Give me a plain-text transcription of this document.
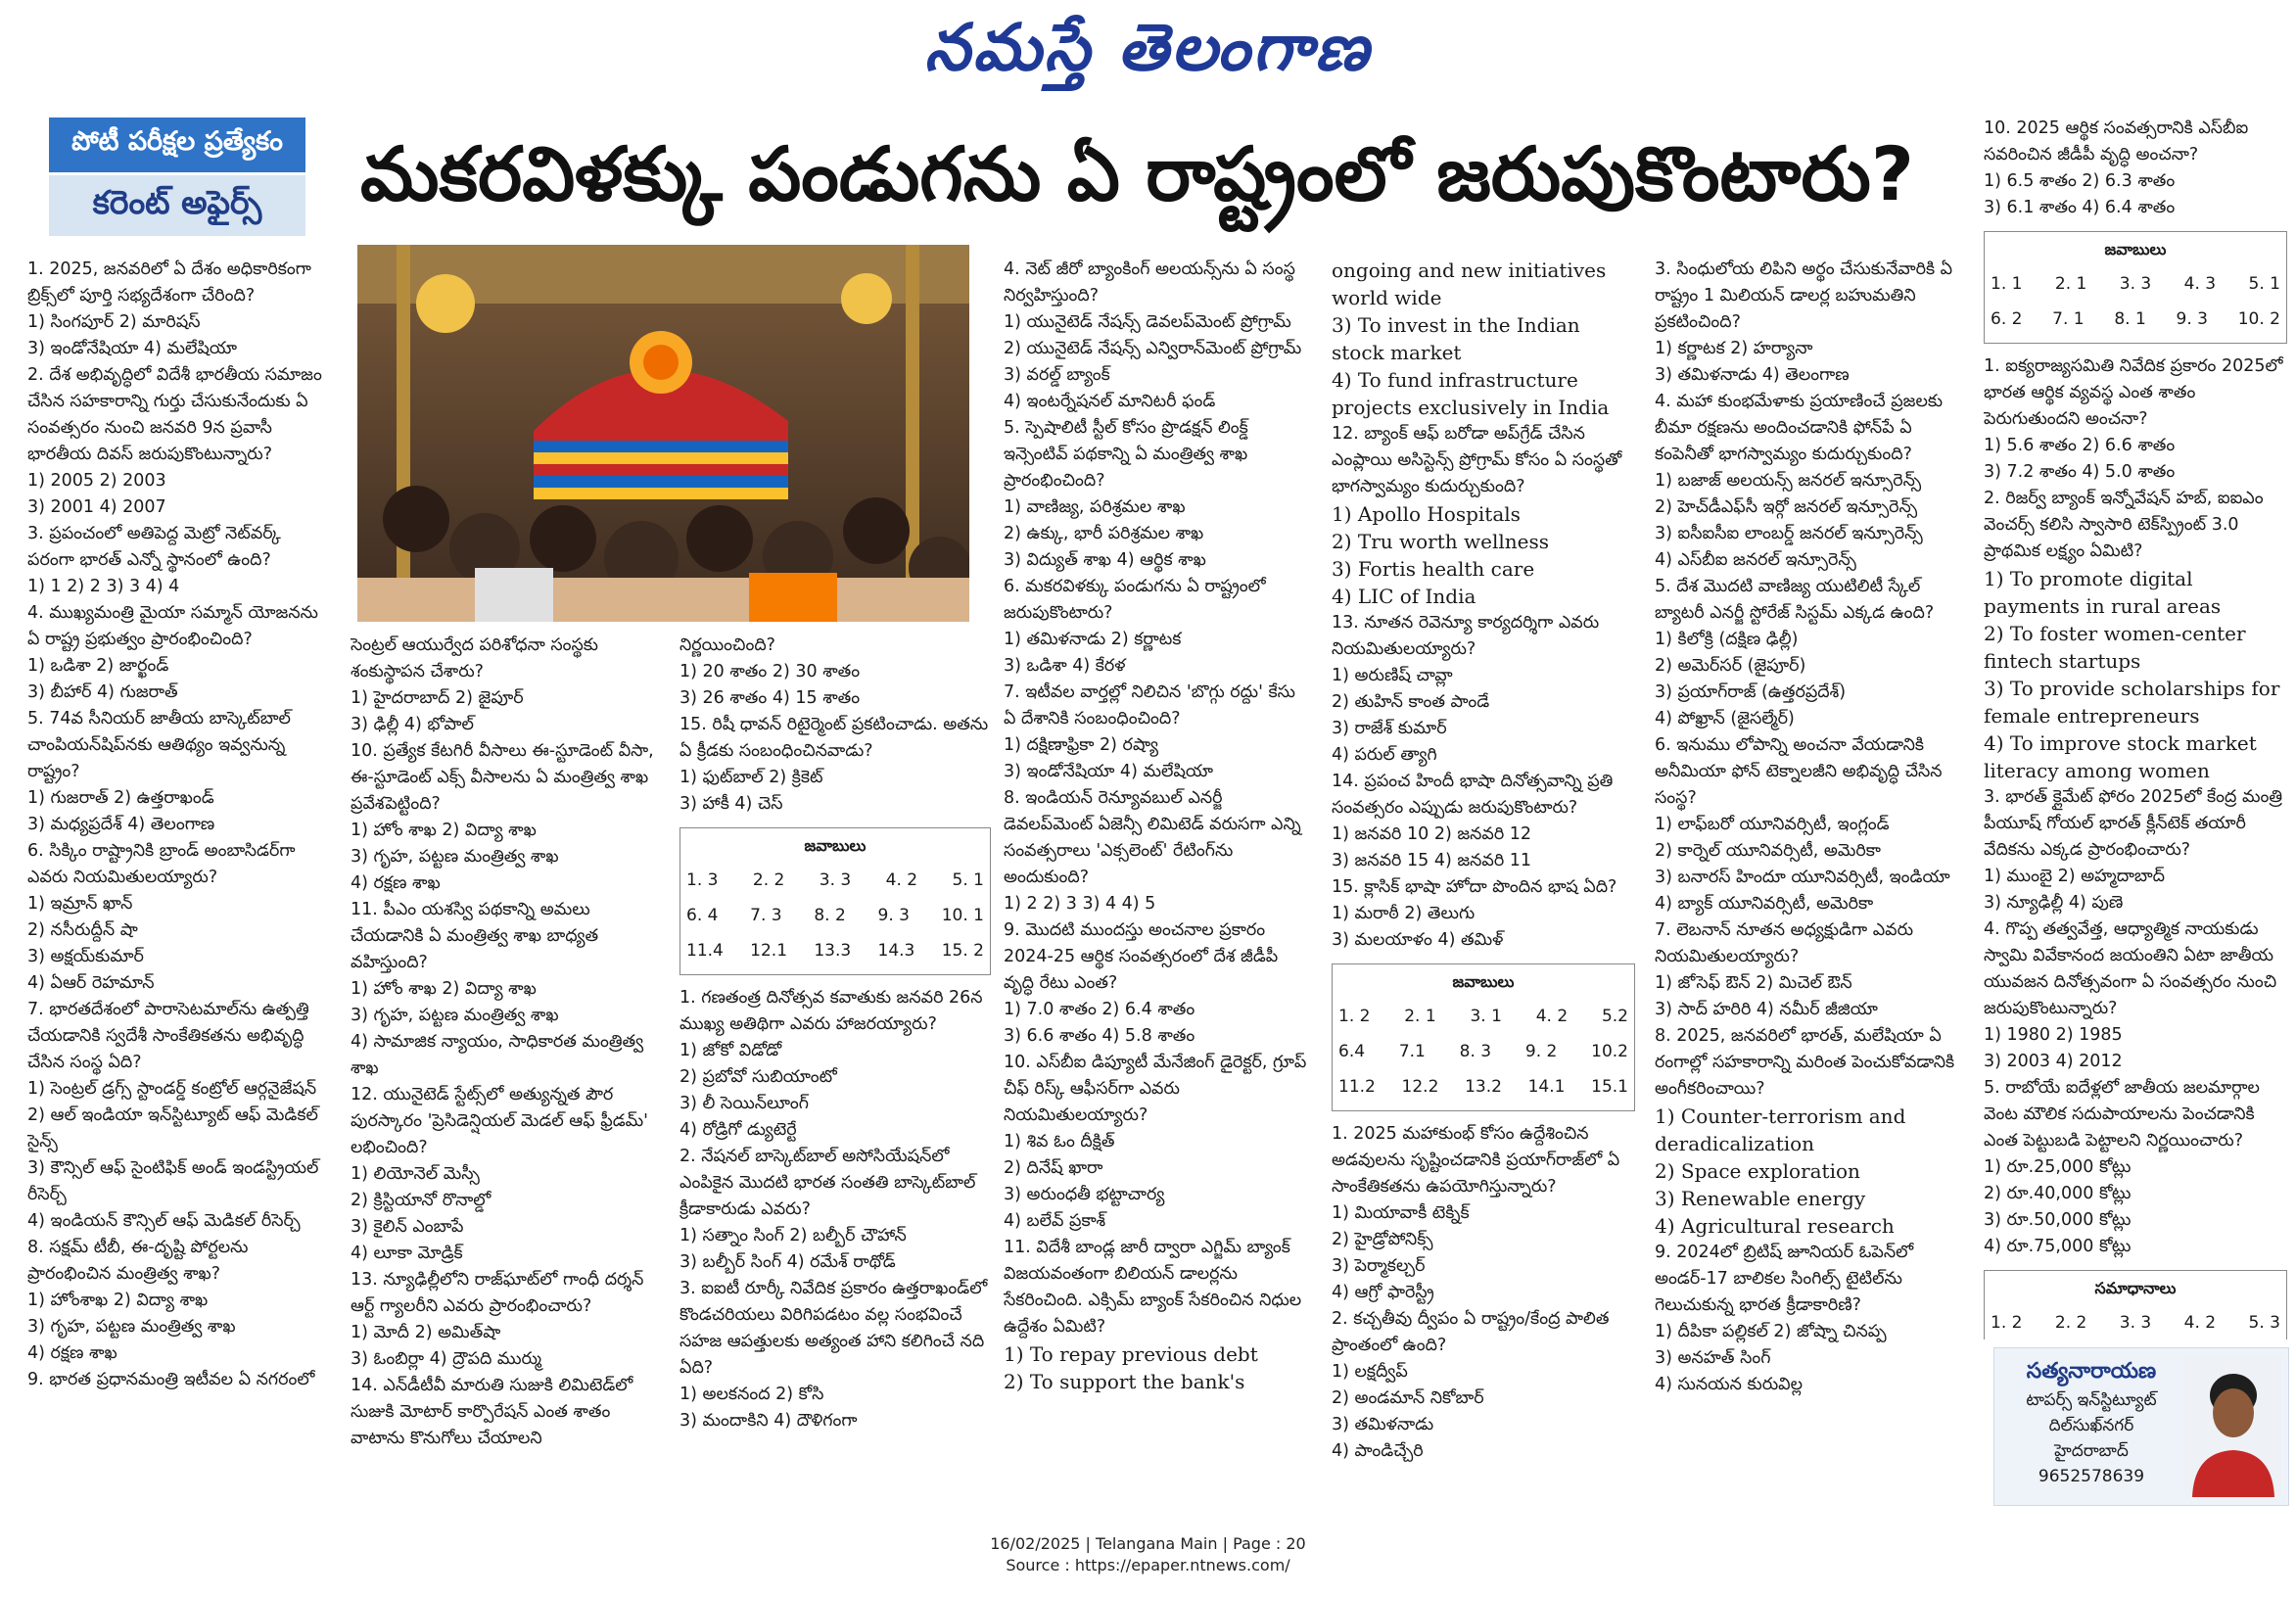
నమస్తే తెలంగాణ
పోటీ పరీక్షల ప్రత్యేకం
కరెంట్ అఫైర్స్	మకరవిళక్కు పండుగను ఏ రాష్ట్రంలో జరుపుకొంటారు?

1. 2025, జనవరిలో ఏ దేశం అధికారికంగా బ్రిక్స్‌లో పూర్తి సభ్యదేశంగా చేరింది?

1) సింగపూర్ 2) మారిషస్

3) ఇండోనేషియా 4) మలేషియా

2. దేశ అభివృద్ధిలో విదేశీ భారతీయ సమాజం చేసిన సహకారాన్ని గుర్తు చేసుకునేందుకు ఏ సంవత్సరం నుంచి జనవరి 9న ప్రవాసీ భారతీయ దివస్ జరుపుకొంటున్నారు?

1) 2005 2) 2003

3) 2001 4) 2007

3. ప్రపంచంలో అతిపెద్ద మెట్రో నెట్‌వర్క్ పరంగా భారత్ ఎన్నో స్థానంలో ఉంది?

1) 1 2) 2 3) 3 4) 4

4. ముఖ్యమంత్రి మైయా సమ్మాన్ యోజనను ఏ రాష్ట్ర ప్రభుత్వం ప్రారంభించింది?

1) ఒడిశా 2) జార్ఖండ్

3) బీహార్ 4) గుజరాత్

5. 74వ సీనియర్ జాతీయ బాస్కెట్‌బాల్ చాంపియన్‌షిప్‌నకు ఆతిథ్యం ఇవ్వనున్న రాష్ట్రం?

1) గుజరాత్ 2) ఉత్తరాఖండ్

3) మధ్యప్రదేశ్ 4) తెలంగాణ

6. సిక్కిం రాష్ట్రానికి బ్రాండ్ అంబాసిడర్‌గా ఎవరు నియమితులయ్యారు?

1) ఇమ్రాన్ ఖాన్

2) నసీరుద్దీన్ షా

3) అక్షయ్‌కుమార్

4) ఏఆర్ రెహమాన్

7. భారతదేశంలో పారాసెటమాల్‌ను ఉత్పత్తి చేయడానికి స్వదేశీ సాంకేతికతను అభివృద్ధి చేసిన సంస్థ ఏది?

1) సెంట్రల్ డ్రగ్స్ స్టాండర్డ్ కంట్రోల్ ఆర్గనైజేషన్

2) ఆల్ ఇండియా ఇన్‌స్టిట్యూట్ ఆఫ్ మెడికల్ సైన్స్

3) కౌన్సిల్ ఆఫ్ సైంటిఫిక్ అండ్ ఇండస్ట్రియల్ రీసెర్చ్

4) ఇండియన్ కౌన్సిల్ ఆఫ్ మెడికల్ రీసెర్చ్

8. సక్షమ్ టీబీ, ఈ-దృష్టి పోర్టలను ప్రారంభించిన మంత్రిత్వ శాఖ?

1) హోంశాఖ 2) విద్యా శాఖ

3) గృహ, పట్టణ మంత్రిత్వ శాఖ

4) రక్షణ శాఖ

9. భారత ప్రధానమంత్రి ఇటీవల ఏ నగరంలో

సెంట్రల్ ఆయుర్వేద పరిశోధనా సంస్థకు శంకుస్థాపన చేశారు?

1) హైదరాబాద్ 2) జైపూర్

3) ఢిల్లీ 4) భోపాల్

10. ప్రత్యేక కేటగిరీ వీసాలు ఈ-స్టూడెంట్ వీసా, ఈ-స్టూడెంట్ ఎక్స్ వీసాలను ఏ మంత్రిత్వ శాఖ ప్రవేశపెట్టింది?

1) హోం శాఖ 2) విద్యా శాఖ

3) గృహ, పట్టణ మంత్రిత్వ శాఖ

4) రక్షణ శాఖ

11. పీఎం యశస్వి పథకాన్ని అమలు చేయడానికి ఏ మంత్రిత్వ శాఖ బాధ్యత వహిస్తుంది?

1) హోం శాఖ 2) విద్యా శాఖ

3) గృహ, పట్టణ మంత్రిత్వ శాఖ

4) సామాజిక న్యాయం, సాధికారత మంత్రిత్వ శాఖ

12. యునైటెడ్ స్టేట్స్‌లో అత్యున్నత పౌర పురస్కారం 'ప్రెసిడెన్షియల్ మెడల్ ఆఫ్ ఫ్రీడమ్' లభించింది?

1) లియోనెల్ మెస్సీ

2) క్రిస్టియానో రొనాల్డో

3) కైలిన్ ఎంబాపే

4) లూకా మోడ్రిక్

13. న్యూఢిల్లీలోని రాజ్‌ఘాట్‌లో గాంధీ దర్శన్ ఆర్ట్ గ్యాలరీని ఎవరు ప్రారంభించారు?

1) మోదీ 2) అమిత్‌షా

3) ఓంబిర్లా 4) ద్రౌపది ముర్ము

14. ఎన్‌డీటీవీ మారుతి సుజుకి లిమిటెడ్‌లో సుజుకి మోటార్ కార్పొరేషన్ ఎంత శాతం వాటాను కొనుగోలు చేయాలని

నిర్ణయించింది?

1) 20 శాతం 2) 30 శాతం

3) 26 శాతం 4) 15 శాతం

15. రిషీ ధావన్ రిటైర్మెంట్ ప్రకటించాడు. అతను ఏ క్రీడకు సంబంధించినవాడు?

1) ఫుట్‌బాల్ 2) క్రికెట్

3) హాకీ 4) చెస్

జవాబులు
1. 3 2. 2 3. 3 4. 2 5. 1
6. 4 7. 3 8. 2 9. 3 10. 1
11.4 12.1 13.3 14.3 15. 2

1. గణతంత్ర దినోత్సవ కవాతుకు జనవరి 26న ముఖ్య అతిథిగా ఎవరు హాజరయ్యారు?

1) జోకో విడోడో

2) ప్రబోవో సుబియాంటో

3) లీ సెయిన్‌లూంగ్

4) రోడ్రిగో డ్యుటెర్టే

2. నేషనల్ బాస్కెట్‌బాల్ అసోసియేషన్‌లో ఎంపికైన మొదటి భారత సంతతి బాస్కెట్‌బాల్ క్రీడాకారుడు ఎవరు?

1) సత్నాం సింగ్ 2) బల్బీర్ చౌహాన్

3) బల్బీర్ సింగ్ 4) రమేశ్ రాథోడ్

3. ఐఐటీ రూర్కీ నివేదిక ప్రకారం ఉత్తరాఖండ్‌లో కొండచరియలు విరిగిపడటం వల్ల సంభవించే సహజ ఆపత్తులకు అత్యంత హాని కలిగించే నది ఏది?

1) అలకనంద 2) కోసి

3) మందాకిని 4) దౌళిగంగా

4. నెట్ జీరో బ్యాంకింగ్ అలయన్స్‌ను ఏ సంస్థ నిర్వహిస్తుంది?

1) యునైటెడ్ నేషన్స్ డెవలప్‌మెంట్ ప్రోగ్రామ్

2) యునైటెడ్ నేషన్స్ ఎన్విరాన్‌మెంట్ ప్రోగ్రామ్

3) వరల్డ్ బ్యాంక్

4) ఇంటర్నేషనల్ మానిటరీ ఫండ్

5. స్పెషాలిటీ స్టీల్ కోసం ప్రొడక్షన్ లింక్డ్ ఇన్సెంటివ్ పథకాన్ని ఏ మంత్రిత్వ శాఖ ప్రారంభించింది?

1) వాణిజ్య, పరిశ్రమల శాఖ

2) ఉక్కు, భారీ పరిశ్రమల శాఖ

3) విద్యుత్ శాఖ 4) ఆర్థిక శాఖ

6. మకరవిళక్కు పండుగను ఏ రాష్ట్రంలో జరుపుకొంటారు?

1) తమిళనాడు 2) కర్ణాటక

3) ఒడిశా 4) కేరళ

7. ఇటీవల వార్తల్లో నిలిచిన 'బొగ్గు రద్దు' కేసు ఏ దేశానికి సంబంధించింది?

1) దక్షిణాఫ్రికా 2) రష్యా

3) ఇండోనేషియా 4) మలేషియా

8. ఇండియన్ రెన్యూవబుల్ ఎనర్జీ డెవలప్‌మెంట్ ఏజెన్సీ లిమిటెడ్ వరుసగా ఎన్ని సంవత్సరాలు 'ఎక్సలెంట్' రేటింగ్‌ను అందుకుంది?

1) 2 2) 3 3) 4 4) 5

9. మొదటి ముందస్తు అంచనాల ప్రకారం 2024-25 ఆర్థిక సంవత్సరంలో దేశ జీడీపీ వృద్ధి రేటు ఎంత?

1) 7.0 శాతం 2) 6.4 శాతం

3) 6.6 శాతం 4) 5.8 శాతం

10. ఎస్‌బీఐ డిప్యూటీ మేనేజింగ్ డైరెక్టర్, గ్రూప్ చీఫ్ రిస్క్ ఆఫీసర్‌గా ఎవరు నియమితులయ్యారు?

1) శివ ఓం దీక్షిత్

2) దినేష్ ఖారా

3) అరుంధతీ భట్టాచార్య

4) బలేవ్ ప్రకాశ్

11. విదేశీ బాండ్ల జారీ ద్వారా ఎగ్జిమ్ బ్యాంక్ విజయవంతంగా బిలియన్ డాలర్లను సేకరించింది. ఎక్సిమ్ బ్యాంక్ సేకరించిన నిధుల ఉద్దేశం ఏమిటి?

1) To repay previous debt

2) To support the bank's

ongoing and new initiatives world wide

3) To invest in the Indian stock market

4) To fund infrastructure projects exclusively in India

12. బ్యాంక్ ఆఫ్ బరోడా అప్‌గ్రేడ్ చేసిన ఎంప్లాయి అసిస్టెన్స్ ప్రోగ్రామ్ కోసం ఏ సంస్థతో భాగస్వామ్యం కుదుర్చుకుంది?

1) Apollo Hospitals

2) Tru worth wellness

3) Fortis health care

4) LIC of India

13. నూతన రెవెన్యూ కార్యదర్శిగా ఎవరు నియమితులయ్యారు?

1) అరుణిష్ చావ్లా

2) తుహిన్ కాంత పాండే

3) రాజేశ్ కుమార్

4) పరుల్ త్యాగి

14. ప్రపంచ హిందీ భాషా దినోత్సవాన్ని ప్రతి సంవత్సరం ఎప్పుడు జరుపుకొంటారు?

1) జనవరి 10 2) జనవరి 12

3) జనవరి 15 4) జనవరి 11

15. క్లాసిక్ భాషా హోదా పొందిన భాష ఏది?

1) మరాఠీ 2) తెలుగు

3) మలయాళం 4) తమిళ్

జవాబులు
1. 2 2. 1 3. 1 4. 2 5.2
6.4 7.1 8. 3 9. 2 10.2
11.2 12.2 13.2 14.1 15.1

1. 2025 మహాకుంభ్ కోసం ఉద్దేశించిన అడవులను సృష్టించడానికి ప్రయాగ్‌రాజ్‌లో ఏ సాంకేతికతను ఉపయోగిస్తున్నారు?

1) మియావాకీ టెక్నిక్

2) హైడ్రోపోనిక్స్

3) పెర్మాకల్చర్

4) ఆగ్రో ఫారెస్ట్రీ

2. కచ్చతీవు ద్వీపం ఏ రాష్ట్రం/కేంద్ర పాలిత ప్రాంతంలో ఉంది?

1) లక్షద్వీప్

2) అండమాన్ నికోబార్

3) తమిళనాడు

4) పాండిచ్చేరి

3. సింధులోయ లిపిని అర్థం చేసుకునేవారికి ఏ రాష్ట్రం 1 మిలియన్ డాలర్ల బహుమతిని ప్రకటించింది?

1) కర్ణాటక 2) హర్యానా

3) తమిళనాడు 4) తెలంగాణ

4. మహా కుంభమేళాకు ప్రయాణించే ప్రజలకు బీమా రక్షణను అందించడానికి ఫోన్‌పే ఏ కంపెనీతో భాగస్వామ్యం కుదుర్చుకుంది?

1) బజాజ్ అలయన్స్ జనరల్ ఇన్సూరెన్స్

2) హెచ్‌డీఎఫ్‌సీ ఇర్గో జనరల్ ఇన్సూరెన్స్

3) ఐసీఐసీఐ లాంబర్డ్ జనరల్ ఇన్సూరెన్స్

4) ఎస్‌బీఐ జనరల్ ఇన్సూరెన్స్

5. దేశ మొదటి వాణిజ్య యుటిలిటీ స్కేల్ బ్యాటరీ ఎనర్జీ స్టోరేజ్ సిస్టమ్ ఎక్కడ ఉంది?

1) కిలోక్రి (దక్షిణ ఢిల్లీ)

2) అమెర్‌సర్ (జైపూర్)

3) ప్రయాగ్‌రాజ్ (ఉత్తరప్రదేశ్)

4) పోఖ్రాన్ (జైసల్మేర్)

6. ఇనుము లోపాన్ని అంచనా వేయడానికి అనీమియా ఫోన్ టెక్నాలజీని అభివృద్ధి చేసిన సంస్థ?

1) లాఫ్‌బరో యూనివర్సిటీ, ఇంగ్లండ్

2) కార్నెల్ యూనివర్సిటీ, అమెరికా

3) బనారస్ హిందూ యూనివర్సిటీ, ఇండియా

4) బ్యాక్ యూనివర్సిటీ, అమెరికా

7. లెబనాన్ నూతన అధ్యక్షుడిగా ఎవరు నియమితులయ్యారు?

1) జోసెఫ్ ఔన్ 2) మిచెల్ ఔన్

3) సాద్ హరిరి 4) నమీర్ జీజియా

8. 2025, జనవరిలో భారత్, మలేషియా ఏ రంగాల్లో సహకారాన్ని మరింత పెంచుకోవడానికి అంగీకరించాయి?

1) Counter-terrorism and deradicalization

2) Space exploration

3) Renewable energy

4) Agricultural research

9. 2024లో బ్రిటిష్ జూనియర్ ఓపెన్‌లో అండర్-17 బాలికల సింగిల్స్ టైటిల్‌ను గెలుచుకున్న భారత క్రీడాకారిణి?

1) దీపికా పల్లికల్ 2) జోష్నా చినప్ప

3) అనహత్ సింగ్

4) సునయన కురువిల్ల

10. 2025 ఆర్థిక సంవత్సరానికి ఎస్‌బీఐ సవరించిన జీడీపీ వృద్ధి అంచనా?

1) 6.5 శాతం 2) 6.3 శాతం

3) 6.1 శాతం 4) 6.4 శాతం

జవాబులు
1. 1 2. 1 3. 3 4. 3 5. 1
6. 2 7. 1 8. 1 9. 3 10. 2

1. ఐక్యరాజ్యసమితి నివేదిక ప్రకారం 2025లో భారత ఆర్థిక వ్యవస్థ ఎంత శాతం పెరుగుతుందని అంచనా?

1) 5.6 శాతం 2) 6.6 శాతం

3) 7.2 శాతం 4) 5.0 శాతం

2. రిజర్వ్ బ్యాంక్ ఇన్నోవేషన్ హబ్, ఐఐఎం వెంచర్స్ కలిసి స్వాసారి టెక్‌స్ప్రింట్ 3.0 ప్రాథమిక లక్ష్యం ఏమిటి?

1) To promote digital payments in rural areas

2) To foster women-center fintech startups

3) To provide scholarships for female entrepreneurs

4) To improve stock market literacy among women

3. భారత్ క్లైమేట్ ఫోరం 2025లో కేంద్ర మంత్రి పీయూష్ గోయల్ భారత్ క్లీన్‌టెక్ తయారీ వేదికను ఎక్కడ ప్రారంభించారు?

1) ముంబై 2) అహ్మదాబాద్

3) న్యూఢిల్లీ 4) పుణె

4. గొప్ప తత్వవేత్త, ఆధ్యాత్మిక నాయకుడు స్వామి వివేకానంద జయంతిని ఏటా జాతీయ యువజన దినోత్సవంగా ఏ సంవత్సరం నుంచి జరుపుకొంటున్నారు?

1) 1980 2) 1985

3) 2003 4) 2012

5. రాబోయే ఐదేళ్లలో జాతీయ జలమార్గాల వెంట మౌలిక సదుపాయాలను పెంచడానికి ఎంత పెట్టుబడి పెట్టాలని నిర్ణయించారు?

1) రూ.25,000 కోట్లు

2) రూ.40,000 కోట్లు

3) రూ.50,000 కోట్లు

4) రూ.75,000 కోట్లు

సమాధానాలు
1. 2 2. 2 3. 3 4. 2 5. 3
సత్యనారాయణ
టాపర్స్ ఇన్‌స్టిట్యూట్
దిల్‌సుఖ్‌నగర్
హైదరాబాద్
9652578639
16/02/2025 | Telangana Main | Page : 20
Source : https://epaper.ntnews.com/
